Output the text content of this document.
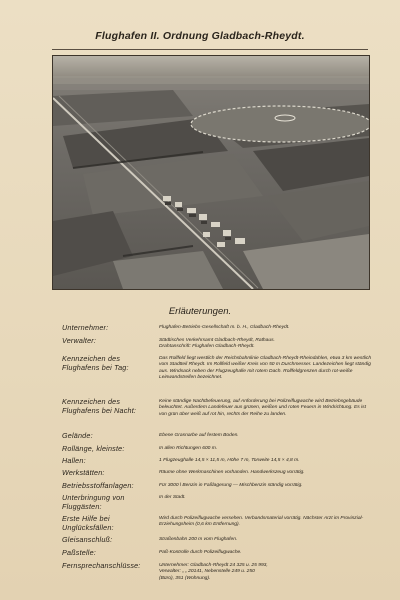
Flughafen II. Ordnung Gladbach-Rheydt.
Erläuterungen.
Unternehmer:	Flughafen-Betriebs-Gesellschaft m. b. H., Gladbach-Rheydt.
Verwalter:	Städtisches Verkehrsamt Gladbach-Rheydt, Rathaus.
Drahtanschrift: Flughafen Gladbach-Rheydt.
Kennzeichen des Flughafens bei Tag:
Das Rollfeld liegt westlich der Reichsbahnlinie Gladbach-Rheydt-Rheindahlen, etwa 3 km westlich vom Stadtteil Rheydt. Im Rollfeld weißer Kreis von 50 m Durchmesser. Landezeichen liegt ständig aus. Windsack neben der Flugzeughalle mit rotem Dach. Rollfeldgrenzen durch rot-weiße Leinwandstreifen bezeichnet.
Kennzeichen des Flughafens bei Nacht:
Keine ständige Nachtbefeuerung, auf Anforderung bei Polizeiflugwache wird Betriebsgebäude beleuchtet. Außerdem Landefeuer aus grünen, weißen und roten Feuern in Windrichtung. Es ist von grün über weiß auf rot hin, rechts der Reihe zu landen.
Gelände:	Ebene Grasnarbe auf festem Boden.
Rollänge, kleinste:	In allen Richtungen 600 m.
Hallen:	1 Flugzeughalle 14,5 × 11,5 m, Höhe 7 m, Torweite 14,5 × 4,8 m.
Werkstätten:	Räume ohne Werkmaschinen vorhanden. Handwerkszeug vorrätig.
Betriebsstoffanlagen:	Für 3000 l Benzin in Faßlagerung — Mischbenzin ständig vorrätig.
Unterbringung von Fluggästen:
In der Stadt.
Erste Hilfe bei Unglücksfällen:
Wird durch Polizeiflugwache versehen. Verbandsmaterial vorrätig. Nächster Arzt im Provinzial-Erziehungsheim (0,6 km Entfernung).
Gleisanschluß:	Straßenbahn 200 m vom Flughafen.
Paßstelle:	Paß-Kontrolle durch Polizeiflugwache.
Fernsprechanschlüsse:	Unternehmer: Gladbach-Rheydt 24 325 u. 25 993,
Verwalter: „ „ 20141, Nebenstelle 249 u. 250
(Büro), 351 (Wohnung).
